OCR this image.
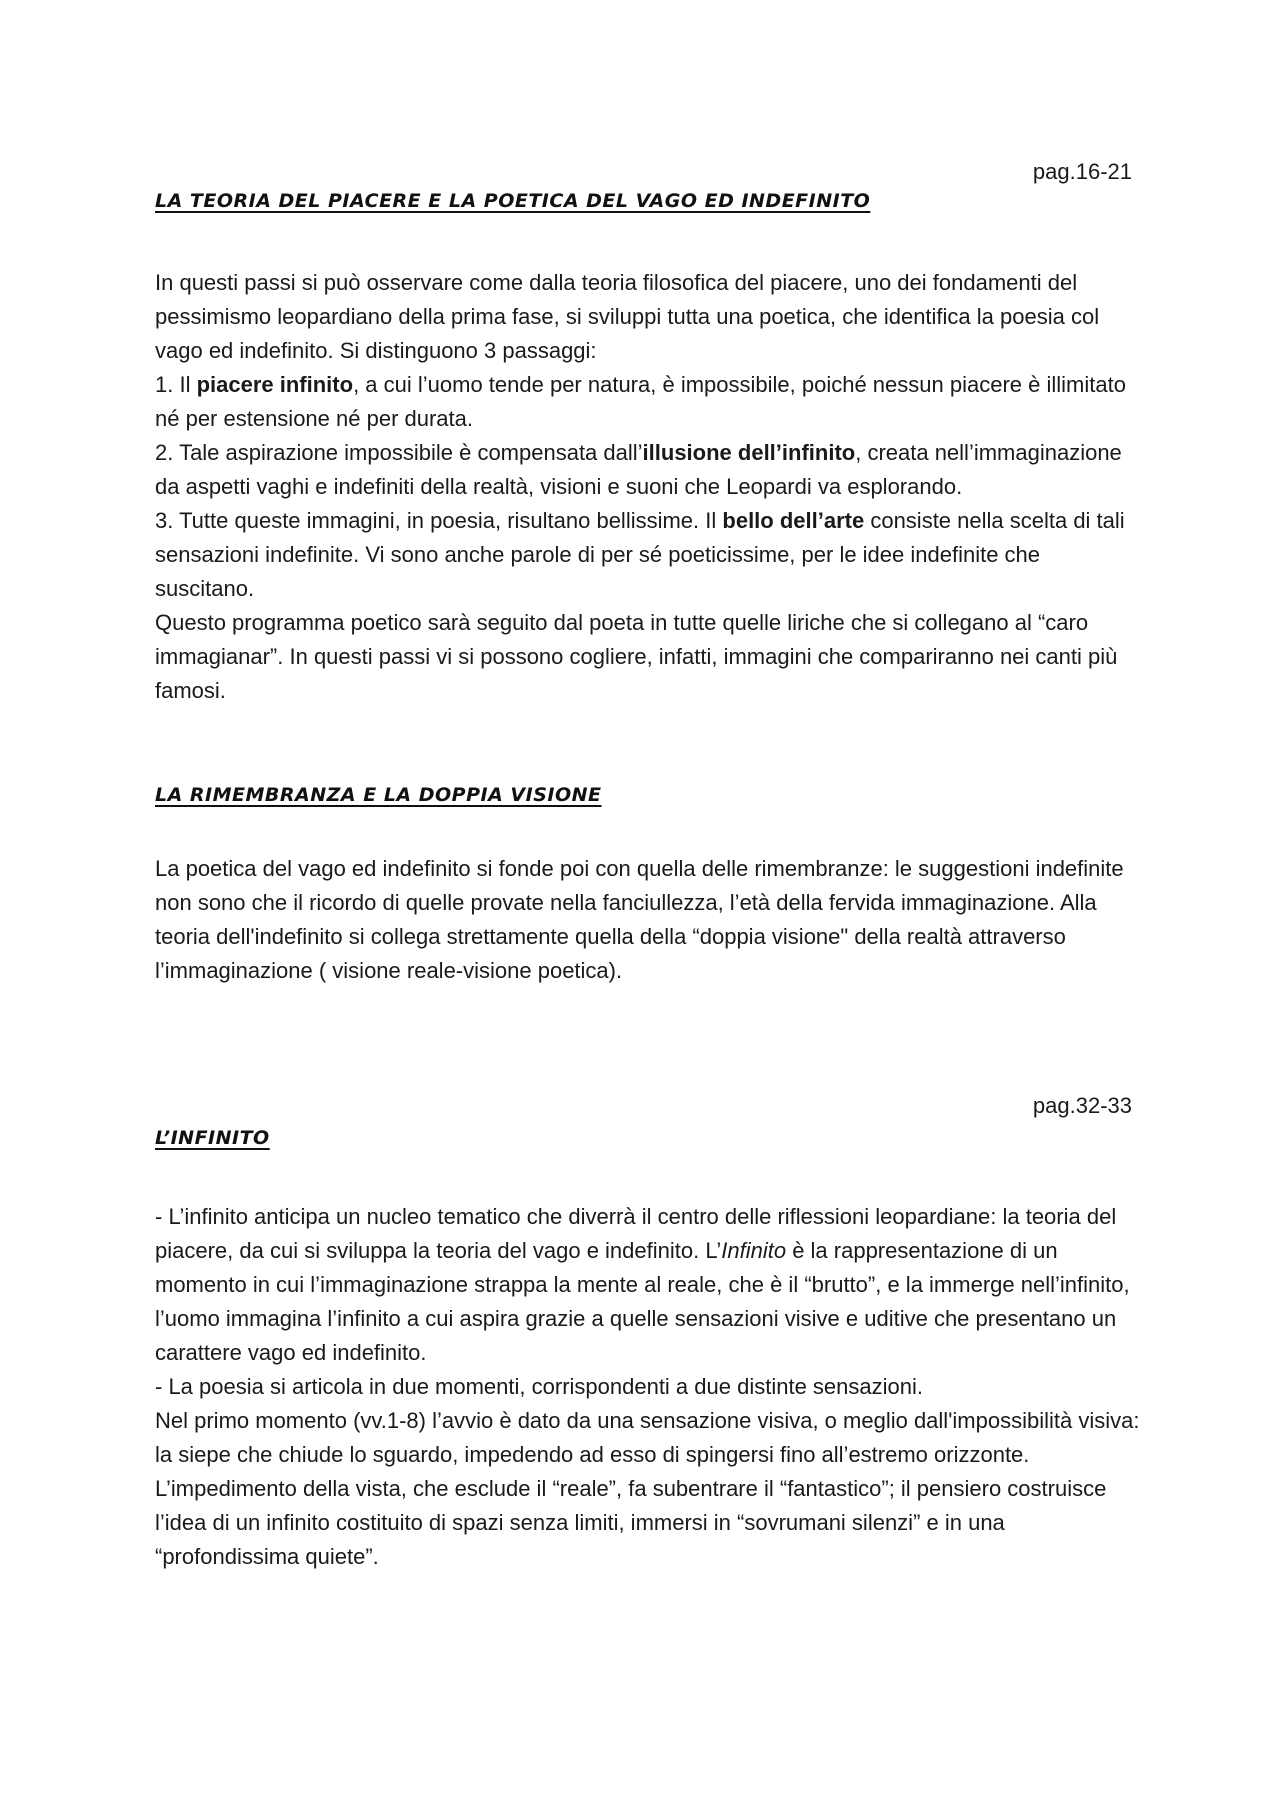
pag.16-21
LA TEORIA DEL PIACERE E LA POETICA DEL VAGO ED INDEFINITO

In questi passi si può osservare come dalla teoria filosofica del piacere, uno dei fondamenti del pessimismo leopardiano della prima fase, si sviluppi tutta una poetica, che identifica la poesia col vago ed indefinito. Si distinguono 3 passaggi:

1. Il piacere infinito, a cui l’uomo tende per natura, è impossibile, poiché nessun piacere è illimitato né per estensione né per durata.

2. Tale aspirazione impossibile è compensata dall’illusione dell’infinito, creata nell’immaginazione da aspetti vaghi e indefiniti della realtà, visioni e suoni che Leopardi va esplorando.

3. Tutte queste immagini, in poesia, risultano bellissime. Il bello dell’arte consiste nella scelta di tali sensazioni indefinite. Vi sono anche parole di per sé poeticissime, per le idee indefinite che suscitano.

Questo programma poetico sarà seguito dal poeta in tutte quelle liriche che si collegano al “caro immagianar”. In questi passi vi si possono cogliere, infatti, immagini che compariranno nei canti più famosi.

LA RIMEMBRANZA E LA DOPPIA VISIONE

La poetica del vago ed indefinito si fonde poi con quella delle rimembranze: le suggestioni indefinite non sono che il ricordo di quelle provate nella fanciullezza, l’età della fervida immaginazione. Alla teoria dell'indefinito si collega strettamente quella della “doppia visione" della realtà attraverso l’immaginazione ( visione reale-visione poetica).

pag.32-33
L’INFINITO

- L’infinito anticipa un nucleo tematico che diverrà il centro delle riflessioni leopardiane: la teoria del piacere, da cui si sviluppa la teoria del vago e indefinito. L’Infinito è la rappresentazione di un momento in cui l’immaginazione strappa la mente al reale, che è il “brutto”, e la immerge nell’infinito, l’uomo immagina l’infinito a cui aspira grazie a quelle sensazioni visive e uditive che presentano un carattere vago ed indefinito.

- La poesia si articola in due momenti, corrispondenti a due distinte sensazioni.

Nel primo momento (vv.1-8) l’avvio è dato da una sensazione visiva, o meglio dall'impossibilità visiva: la siepe che chiude lo sguardo, impedendo ad esso di spingersi fino all’estremo orizzonte. L’impedimento della vista, che esclude il “reale”, fa subentrare il “fantastico”; il pensiero costruisce l’idea di un infinito costituito di spazi senza limiti, immersi in “sovrumani silenzi” e in una “profondissima quiete”.
